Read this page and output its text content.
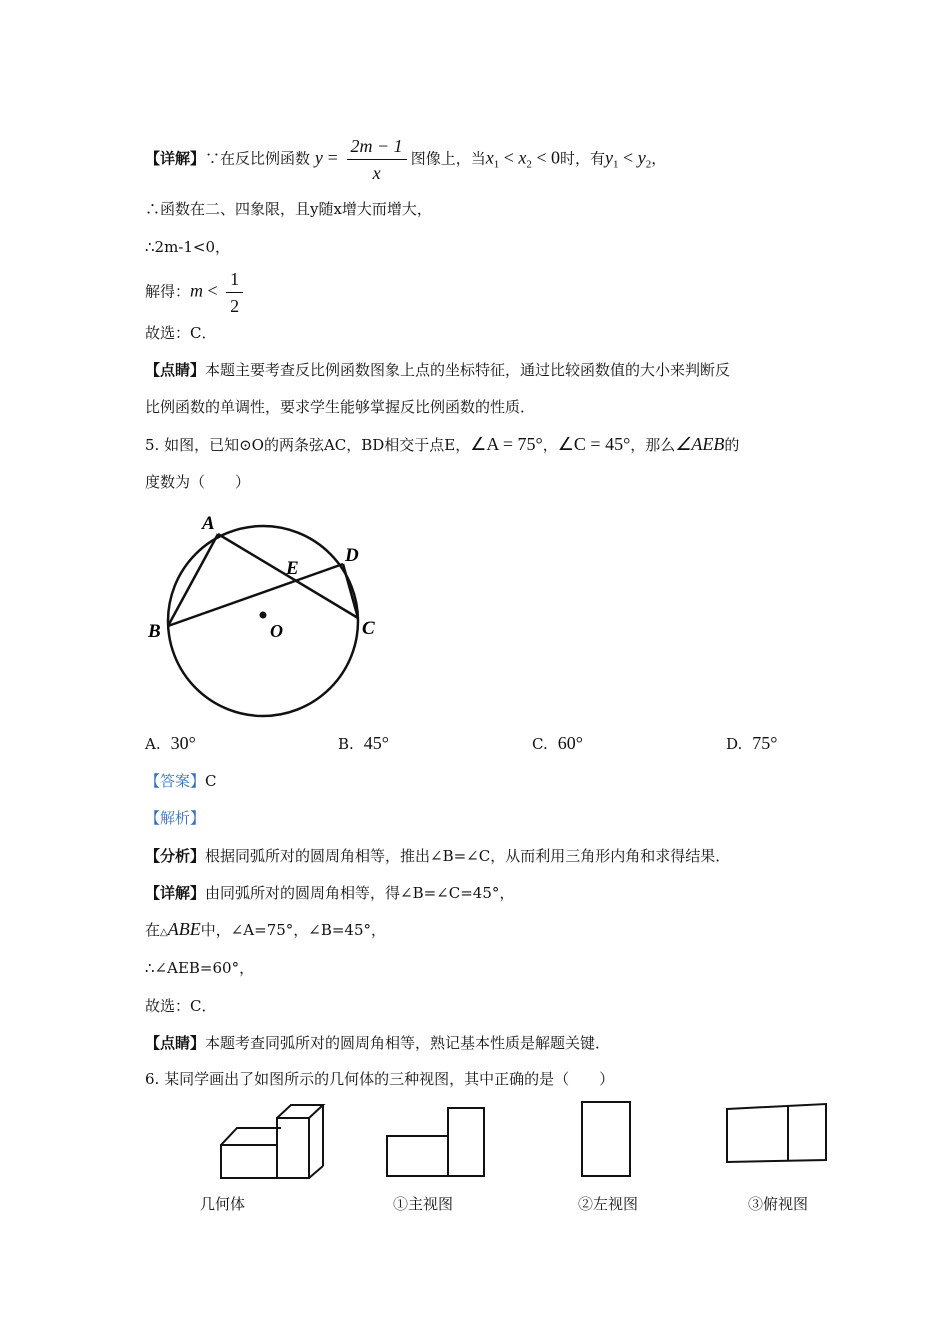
【详解】∵在反比例函数 $y = \frac{2m - 1}{x}$ 图像上，当$x_1 < x_2 < 0$时，有$y_1 < y_2$，
∴函数在二、四象限，且y随x增大而增大，
∴2m-1<0，
解得：$m < \frac{1}{2}$
故选：C．
【点睛】本题主要考查反比例函数图象上点的坐标特征，通过比较函数值的大小来判断反
比例函数的单调性，要求学生能够掌握反比例函数的性质．
5. 如图，已知⊙O的两条弦AC，BD相交于点E，∠A = 75°，∠C = 45°，那么∠AEB的
度数为（　　）
A
B	C
D
E
O
A. 30°	B. 45°	C. 60°	D. 75°
【答案】C
【解析】
【分析】根据同弧所对的圆周角相等，推出∠B=∠C，从而利用三角形内角和求得结果．
【详解】由同弧所对的圆周角相等，得∠B=∠C=45°，
在△ABE中，∠A=75°，∠B=45°，
∴∠AEB=60°，
故选：C．
【点睛】本题考查同弧所对的圆周角相等，熟记基本性质是解题关键．
6. 某同学画出了如图所示的几何体的三种视图，其中正确的是（　　）
几何体	①主视图	②左视图	③俯视图
